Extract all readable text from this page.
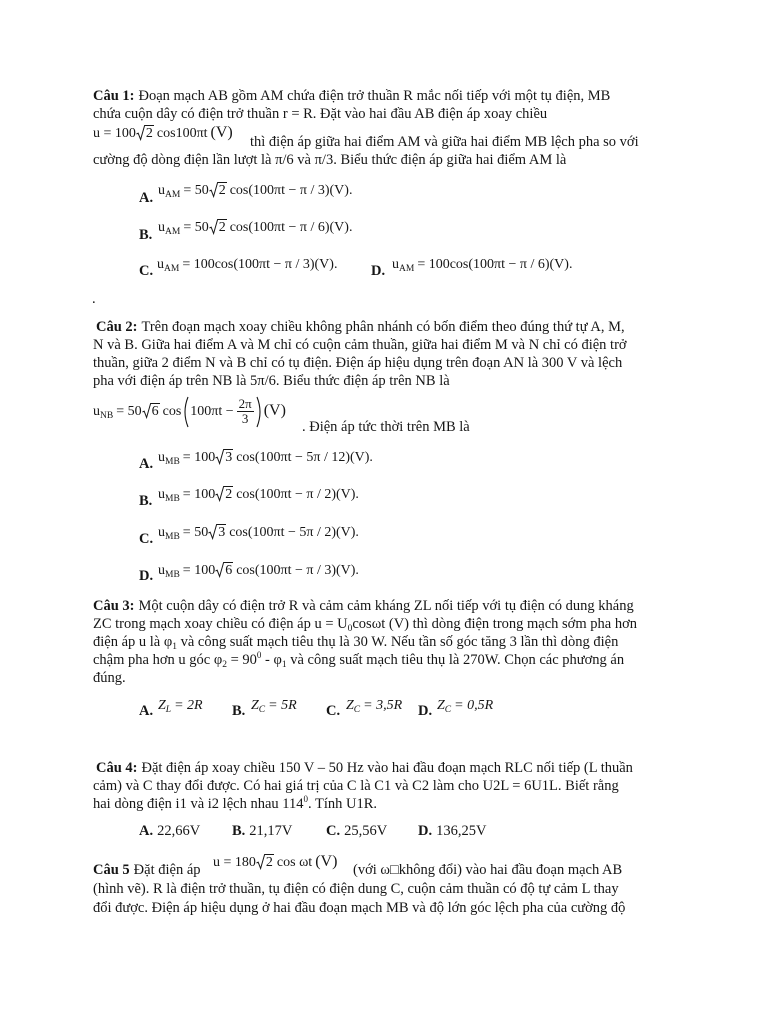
Câu 1: Đoạn mạch AB gồm AM chứa điện trở thuần R mắc nối tiếp với một tụ điện, MB
chứa cuộn dây có điện trở thuần r = R. Đặt vào hai đầu AB điện áp xoay chiều
u = 100 2 cos100πt (V)
thì điện áp giữa hai điểm AM và giữa hai điểm MB lệch pha so với
cường độ dòng điện lần lượt là π/6 và π/3. Biểu thức điện áp giữa hai điểm AM là
A. $u_{AM} = 50$ 2 cos(100πt − π / 3)(V).
B. $u_{AM} = 50$ 2 cos(100πt − π / 6)(V).
C. $u_{AM} = 100\cos(100\pi t - \pi / 3)(V)$. D. $u_{AM} = 100\cos(100\pi t - \pi / 6)(V)$.
.
Câu 2: Trên đoạn mạch xoay chiều không phân nhánh có bốn điểm theo đúng thứ tự A, M,
N và B. Giữa hai điểm A và M chỉ có cuộn cảm thuần, giữa hai điểm M và N chỉ có điện trở
thuần, giữa 2 điểm N và B chỉ có tụ điện. Điện áp hiệu dụng trên đoạn AN là 300 V và lệch
pha với điện áp trên NB là 5π/6. Biểu thức điện áp trên NB là
$u_{NB} = 50$ 6 $\cos 100\pi t - \frac{2\pi}{3} (V)$
. Điện áp tức thời trên MB là
A. $u_{MB} = 100$ 3 cos(100πt − 5π / 12)(V).
B. $u_{MB} = 100$ 2 cos(100πt − π / 2)(V).
C. $u_{MB} = 50$ 3 cos(100πt − 5π / 2)(V).
D. $u_{MB} = 100$ 6 cos(100πt − π / 3)(V).
Câu 3: Một cuộn dây có điện trở R và cảm cảm kháng ZL nối tiếp với tụ điện có dung kháng
ZC trong mạch xoay chiều có điện áp $u = U_0\cos\omega t$ (V) thì dòng điện trong mạch sớm pha hơn
điện áp u là $\varphi_1$ và công suất mạch tiêu thụ là 30 W. Nếu tần số góc tăng 3 lần thì dòng điện
chậm pha hơn u góc $\varphi_2 = 90^0 - \varphi_1$ và công suất mạch tiêu thụ là 270W. Chọn các phương án
đúng.
A. $Z_L = 2R$ B. $Z_C = 5R$ C. $Z_C = 3,5R$ D. $Z_C = 0,5R$
Câu 4: Đặt điện áp xoay chiều 150 V – 50 Hz vào hai đầu đoạn mạch RLC nối tiếp (L thuần
cảm) và C thay đổi được. Có hai giá trị của C là C1 và C2 làm cho U2L = 6U1L. Biết rằng
hai dòng điện i1 và i2 lệch nhau $114^0$. Tính U1R.
A. 22,66V B. 21,17V C. 25,56V D. 136,25V
Câu 5 Đặt điện áp u = 180 2 cos ωt (V) (với ω□không đổi) vào hai đầu đoạn mạch AB
(hình vẽ). R là điện trở thuần, tụ điện có điện dung C, cuộn cảm thuần có độ tự cảm L thay
đổi được. Điện áp hiệu dụng ở hai đầu đoạn mạch MB và độ lớn góc lệch pha của cường độ
